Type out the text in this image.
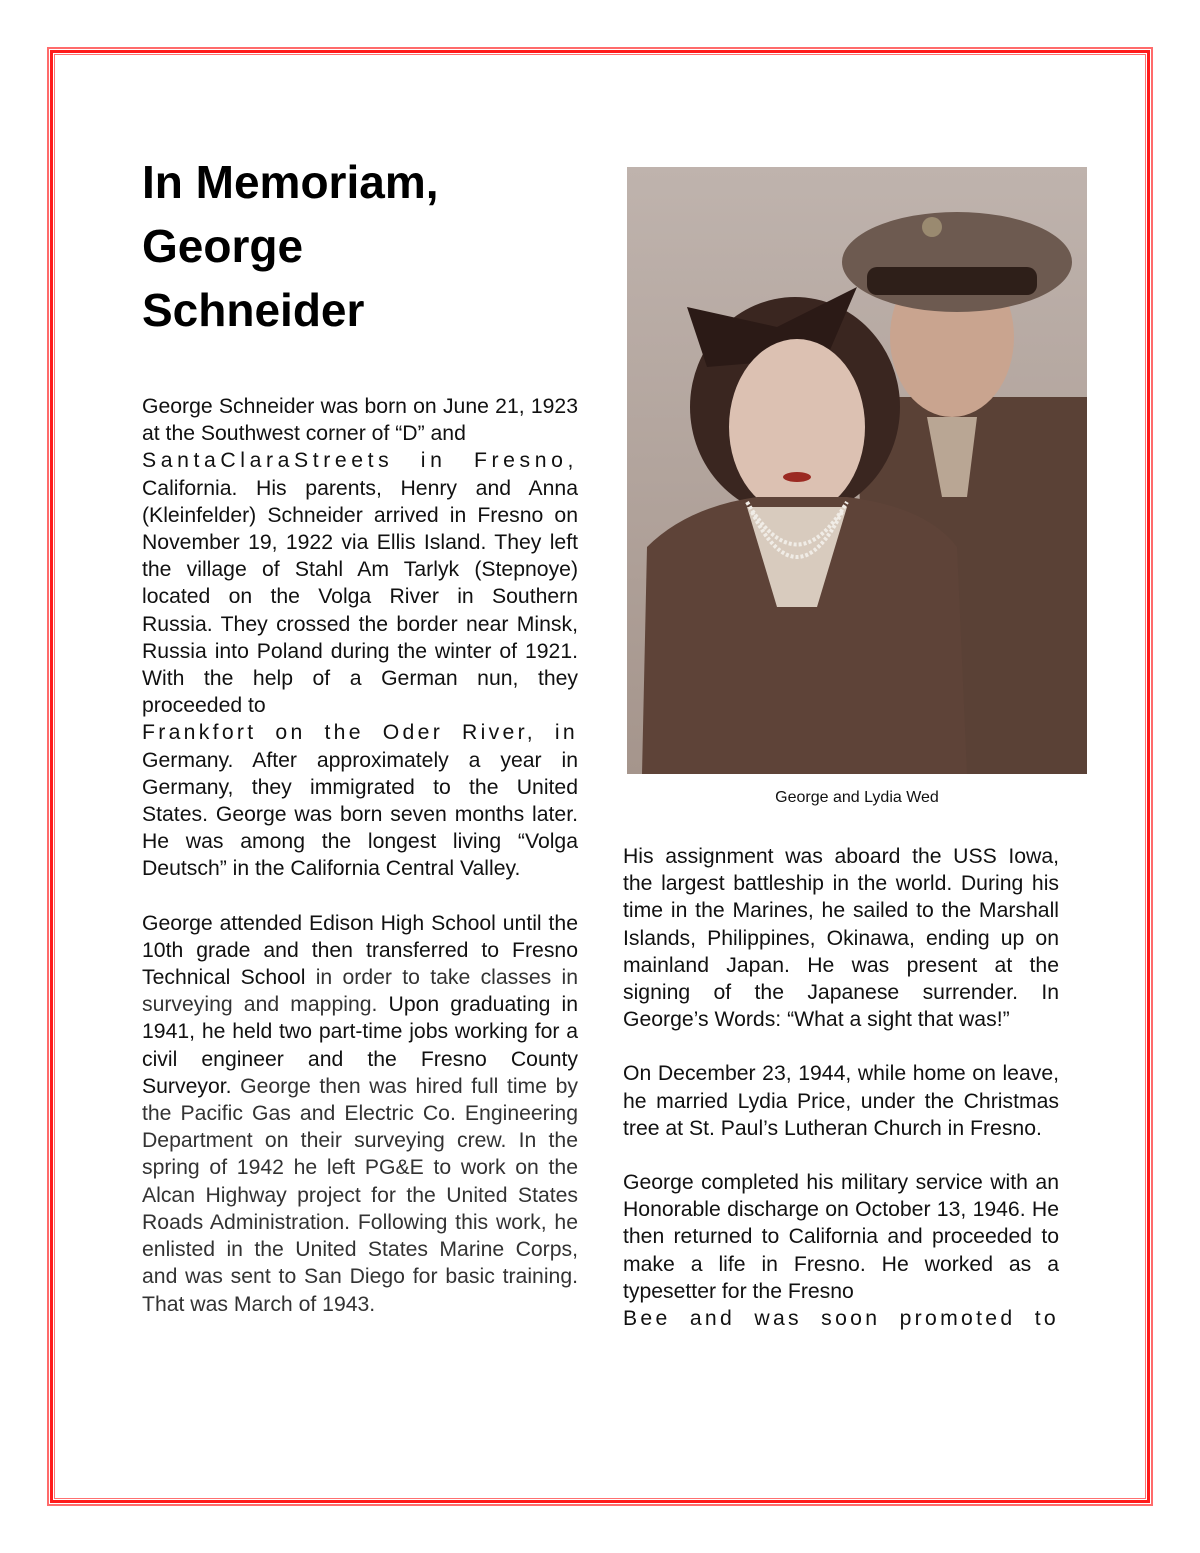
In Memoriam,
George
Schneider

George Schneider was born on June 21, 1923 at the Southwest corner of “D” and
SantaClaraStreets in Fresno,
California. His parents, Henry and Anna (Kleinfelder) Schneider arrived in Fresno on November 19, 1922 via Ellis Island. They left the village of Stahl Am Tarlyk (Stepnoye) located on the Volga River in Southern Russia. They crossed the border near Minsk, Russia into Poland during the winter of 1921. With the help of a German nun, they proceeded to
Frankfort on the Oder River, in
Germany. After approximately a year in Germany, they immigrated to the United States. George was born seven months later. He was among the longest living “Volga Deutsch” in the California Central Valley.

George attended Edison High School until the 10th grade and then transferred to Fresno Technical School in order to take classes in surveying and mapping. Upon graduating in 1941, he held two part-time jobs working for a civil engineer and the Fresno County Surveyor. George then was hired full time by the Pacific Gas and Electric Co. Engineering Department on their surveying crew. In the spring of 1942 he left PG&E to work on the Alcan Highway project for the United States Roads Administration. Following this work, he enlisted in the United States Marine Corps, and was sent to San Diego for basic training. That was March of 1943.

George and Lydia Wed

His assignment was aboard the USS Iowa, the largest battleship in the world. During his time in the Marines, he sailed to the Marshall Islands, Philippines, Okinawa, ending up on mainland Japan. He was present at the signing of the Japanese surrender. In George’s Words: “What a sight that was!”

On December 23, 1944, while home on leave, he married Lydia Price, under the Christmas tree at St. Paul’s Lutheran Church in Fresno.

George completed his military service with an Honorable discharge on October 13, 1946. He then returned to California and proceeded to make a life in Fresno. He worked as a typesetter for the Fresno
Bee and was soon promoted to
